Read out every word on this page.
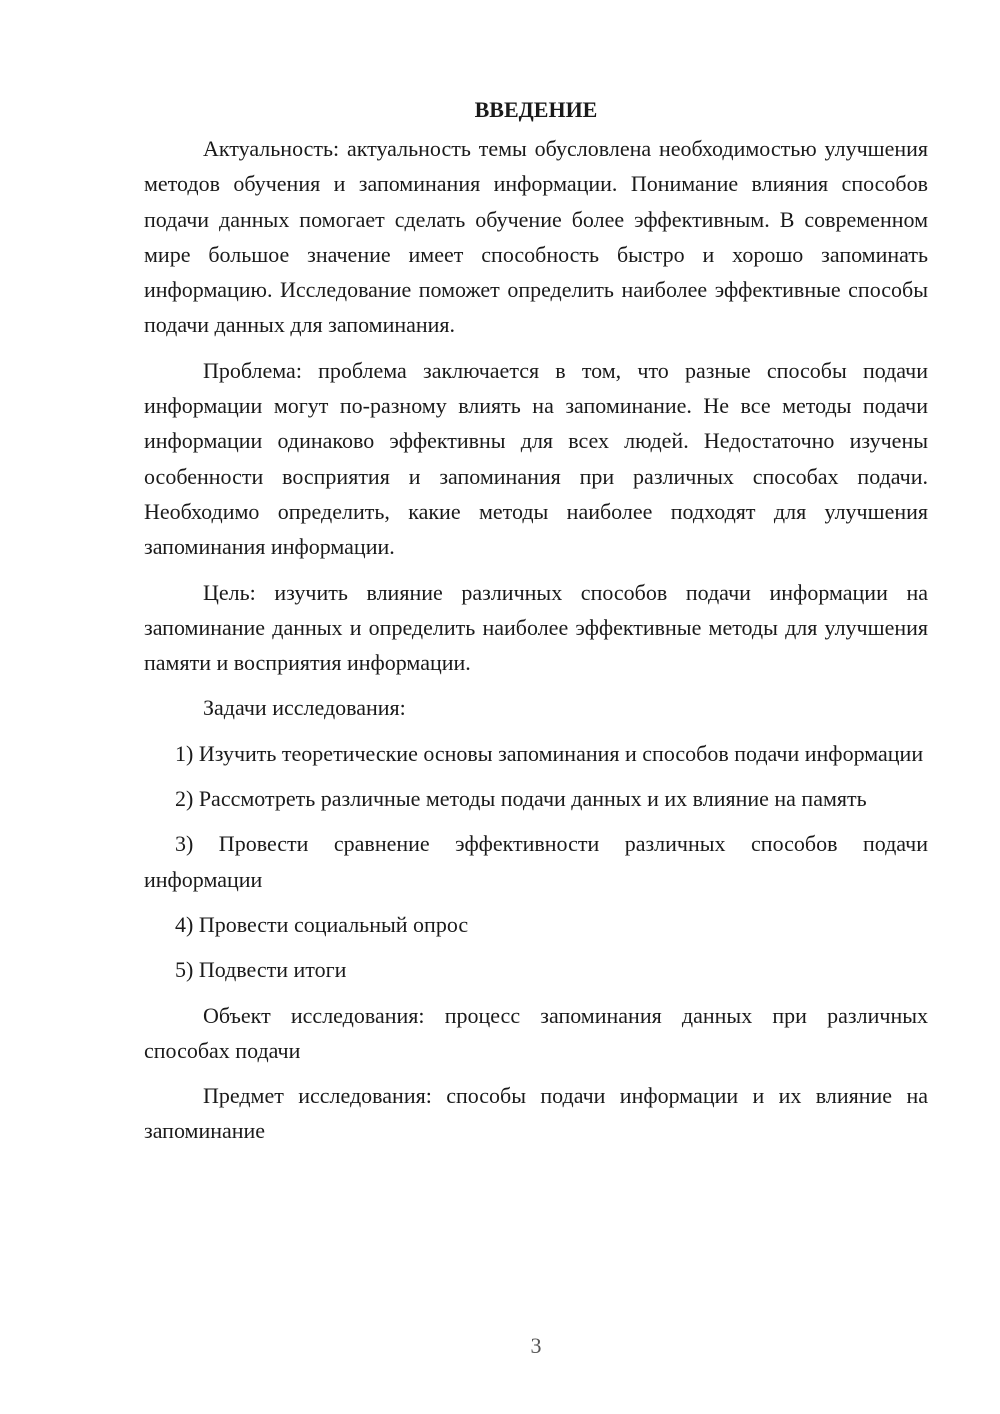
ВВЕДЕНИЕ

Актуальность: актуальность темы обусловлена необходимостью улучшения методов обучения и запоминания информации. Понимание влияния способов подачи данных помогает сделать обучение более эффективным. В современном мире большое значение имеет способность быстро и хорошо запоминать информацию. Исследование поможет определить наиболее эффективные способы подачи данных для запоминания.

Проблема: проблема заключается в том, что разные способы подачи информации могут по-разному влиять на запоминание. Не все методы подачи информации одинаково эффективны для всех людей. Недостаточно изучены особенности восприятия и запоминания при различных способах подачи. Необходимо определить, какие методы наиболее подходят для улучшения запоминания информации.

Цель: изучить влияние различных способов подачи информации на запоминание данных и определить наиболее эффективные методы для улучшения памяти и восприятия информации.

Задачи исследования:

1) Изучить теоретические основы запоминания и способов подачи информации

2) Рассмотреть различные методы подачи данных и их влияние на память

3) Провести сравнение эффективности различных способов подачи информации

4) Провести социальный опрос

5) Подвести итоги

Объект исследования: процесс запоминания данных при различных способах подачи

Предмет исследования: способы подачи информации и их влияние на запоминание

3
